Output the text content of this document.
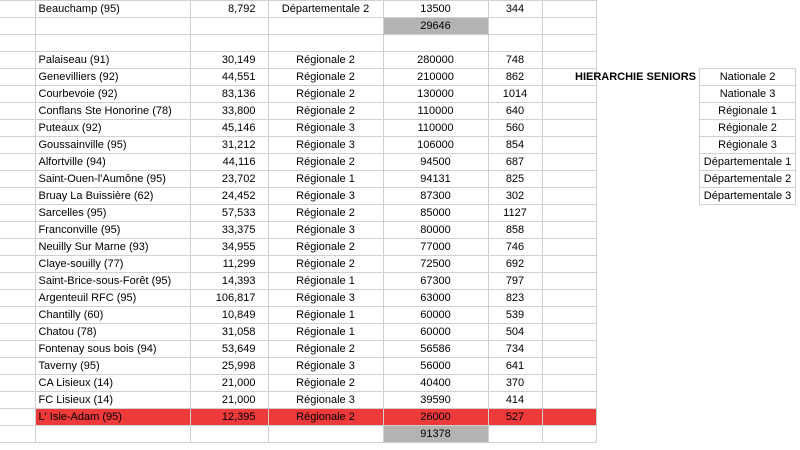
	Beauchamp (95)	8,792	Départementale 2	13500	344	
				29646		

	Palaiseau (91)	30,149	Régionale 2	280000	748	
	Genevilliers (92)	44,551	Régionale 2	210000	862	
	Courbevoie (92)	83,136	Régionale 2	130000	1014	
	Conflans Ste Honorine (78)	33,800	Régionale 2	110000	640	
	Puteaux (92)	45,146	Régionale 3	110000	560	
	Goussainville (95)	31,212	Régionale 3	106000	854	
	Alfortville (94)	44,116	Régionale 2	94500	687	
	Saint-Ouen-l'Aumône (95)	23,702	Régionale 1	94131	825	
	Bruay La Buissière (62)	24,452	Régionale 3	87300	302	
	Sarcelles (95)	57,533	Régionale 2	85000	1127	
	Franconville (95)	33,375	Régionale 3	80000	858	
	Neuilly Sur Marne (93)	34,955	Régionale 2	77000	746	
	Claye-souilly (77)	11,299	Régionale 2	72500	692	
	Saint-Brice-sous-Forêt (95)	14,393	Régionale 1	67300	797	
	Argenteuil RFC (95)	106,817	Régionale 3	63000	823	
	Chantilly (60)	10,849	Régionale 1	60000	539	
	Chatou (78)	31,058	Régionale 1	60000	504	
	Fontenay sous bois (94)	53,649	Régionale 2	56586	734	
	Taverny (95)	25,998	Régionale 3	56000	641	
	CA Lisieux (14)	21,000	Régionale 2	40400	370	
	FC Lisieux (14)	21,000	Régionale 3	39590	414	
	L' Isle-Adam (95)	12,395	Régionale 2	26000	527	
				91378		
HIERARCHIE SENIORS	Nationale 2
	Nationale 3
	Régionale 1
	Régionale 2
	Régionale 3
	Départementale 1
	Départementale 2
	Départementale 3
